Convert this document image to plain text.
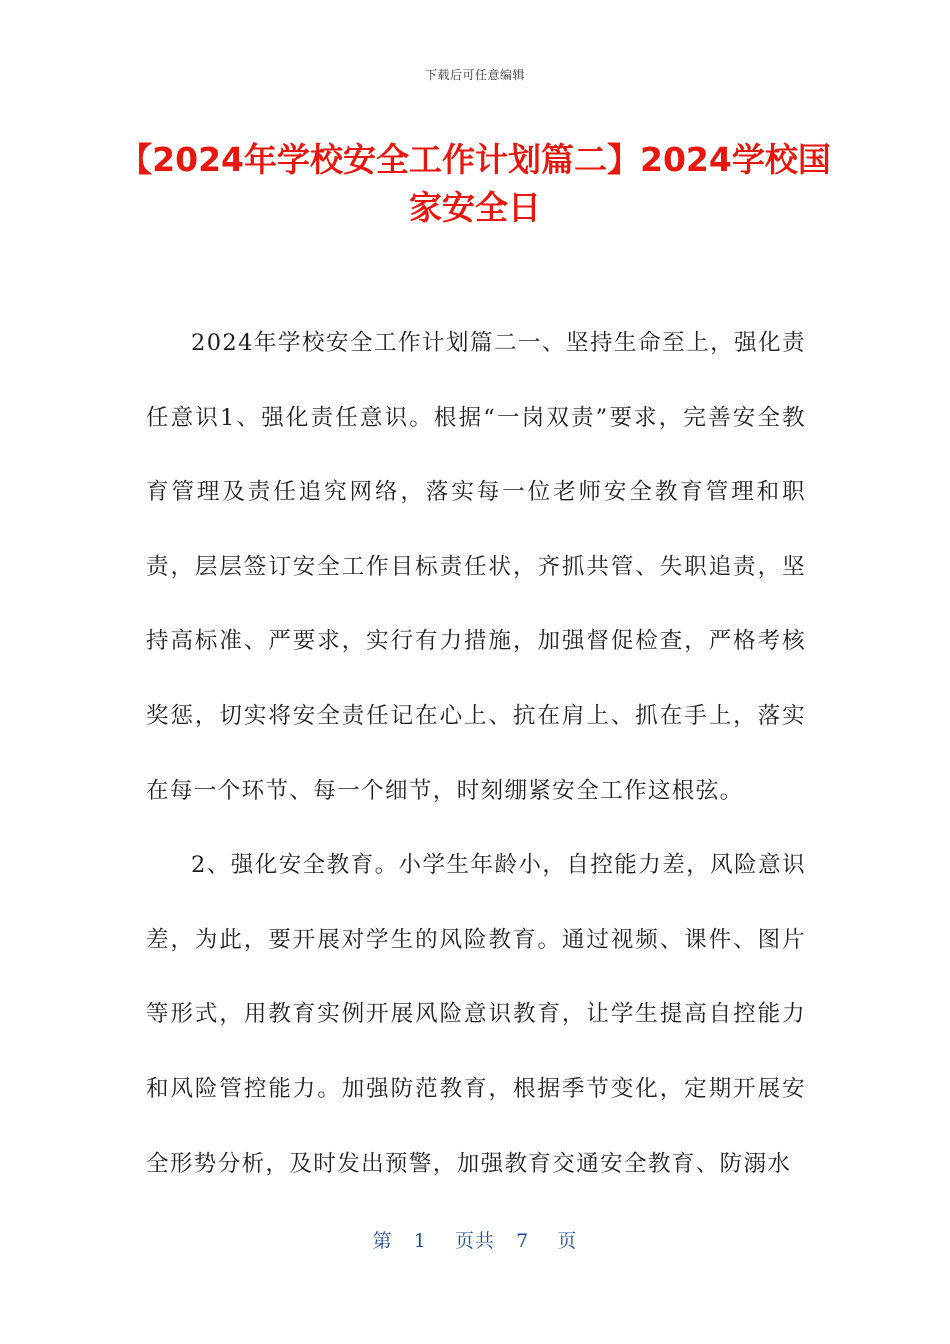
下载后可任意编辑
【2024年学校安全工作计划篇二】2024学校国家安全日

2024年学校安全工作计划篇二一、坚持生命至上，强化责任意识1、强化责任意识。根据“一岗双责”要求，完善安全教育管理及责任追究网络，落实每一位老师安全教育管理和职责，层层签订安全工作目标责任状，齐抓共管、失职追责，坚持高标准、严要求，实行有力措施，加强督促检查，严格考核奖惩，切实将安全责任记在心上、抗在肩上、抓在手上，落实在每一个环节、每一个细节，时刻绷紧安全工作这根弦。

2、强化安全教育。小学生年龄小，自控能力差，风险意识差，为此，要开展对学生的风险教育。通过视频、课件、图片等形式，用教育实例开展风险意识教育，让学生提高自控能力和风险管控能力。加强防范教育，根据季节变化，定期开展安全形势分析，及时发出预警，加强教育交通安全教育、防溺水

第 1 页共 7 页
